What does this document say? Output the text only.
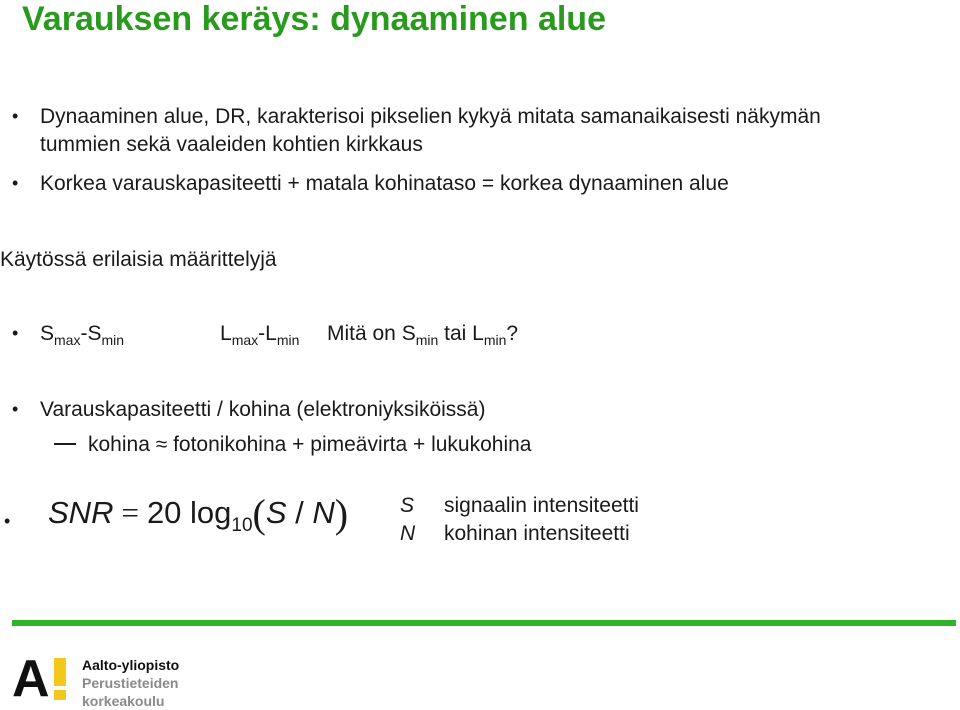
Varauksen keräys: dynaaminen alue
• Dynaaminen alue, DR, karakterisoi pikselien kykyä mitata samanaikaisesti näkymän
tummien sekä vaaleiden kohtien kirkkaus
• Korkea varauskapasiteetti + matala kohinataso = korkea dynaaminen alue
Käytössä erilaisia määrittelyjä
• $S_{max}-S_{min}$	$L_{max}-L_{min}$ Mitä on $S_{min}$ tai $L_{min}$?
• Varauskapasiteetti / kohina (elektroniyksiköissä)
kohina ≈ fotonikohina + pimeävirta + lukukohina
• SNR = 20 log10(S / N) S signaalin intensiteetti
N kohinan intensiteetti
A Aalto-yliopisto
Perustieteiden
korkeakoulu
